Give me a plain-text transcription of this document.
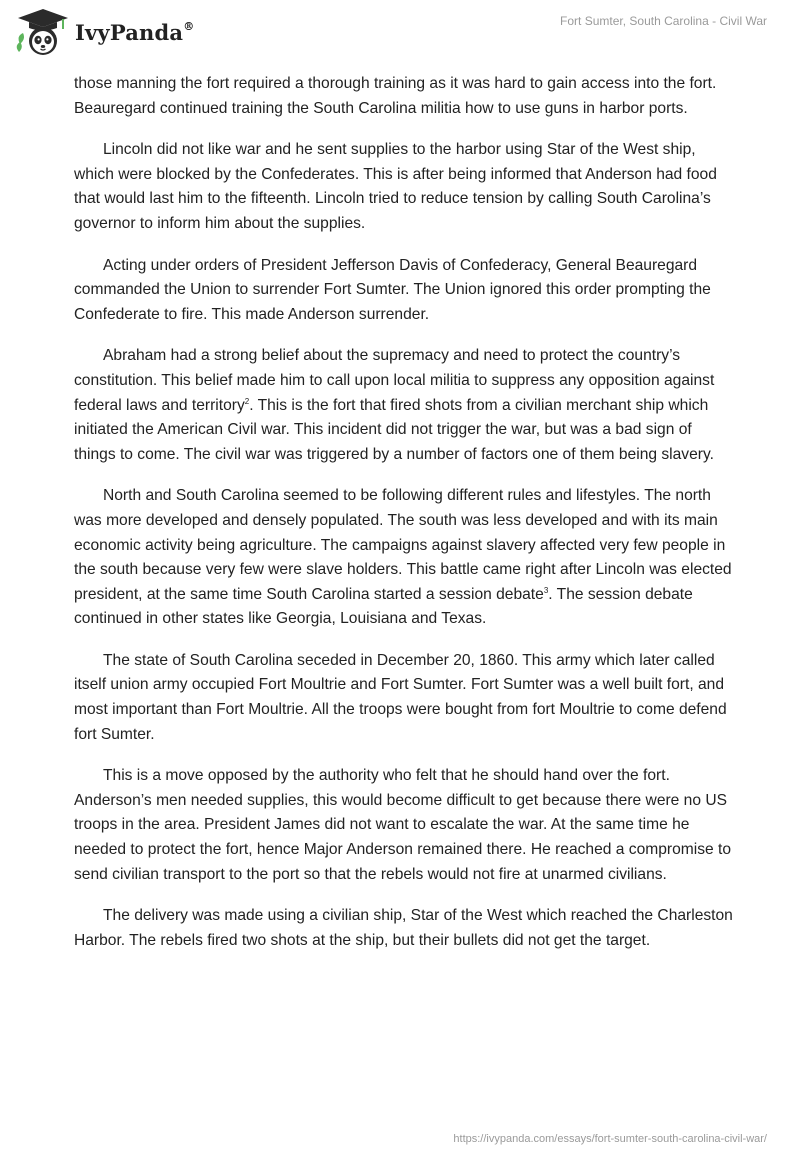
IvyPanda®	Fort Sumter, South Carolina - Civil War

those manning the fort required a thorough training as it was hard to gain access into the fort. Beauregard continued training the South Carolina militia how to use guns in harbor ports.

Lincoln did not like war and he sent supplies to the harbor using Star of the West ship, which were blocked by the Confederates. This is after being informed that Anderson had food that would last him to the fifteenth. Lincoln tried to reduce tension by calling South Carolina’s governor to inform him about the supplies.

Acting under orders of President Jefferson Davis of Confederacy, General Beauregard commanded the Union to surrender Fort Sumter. The Union ignored this order prompting the Confederate to fire. This made Anderson surrender.

Abraham had a strong belief about the supremacy and need to protect the country’s constitution. This belief made him to call upon local militia to suppress any opposition against federal laws and territory$^2$. This is the fort that fired shots from a civilian merchant ship which initiated the American Civil war. This incident did not trigger the war, but was a bad sign of things to come. The civil war was triggered by a number of factors one of them being slavery.

North and South Carolina seemed to be following different rules and lifestyles. The north was more developed and densely populated. The south was less developed and with its main economic activity being agriculture. The campaigns against slavery affected very few people in the south because very few were slave holders. This battle came right after Lincoln was elected president, at the same time South Carolina started a session debate$^3$. The session debate continued in other states like Georgia, Louisiana and Texas.

The state of South Carolina seceded in December 20, 1860. This army which later called itself union army occupied Fort Moultrie and Fort Sumter. Fort Sumter was a well built fort, and most important than Fort Moultrie. All the troops were bought from fort Moultrie to come defend fort Sumter.

This is a move opposed by the authority who felt that he should hand over the fort. Anderson’s men needed supplies, this would become difficult to get because there were no US troops in the area. President James did not want to escalate the war. At the same time he needed to protect the fort, hence Major Anderson remained there. He reached a compromise to send civilian transport to the port so that the rebels would not fire at unarmed civilians.

The delivery was made using a civilian ship, Star of the West which reached the Charleston Harbor. The rebels fired two shots at the ship, but their bullets did not get the target.

https://ivypanda.com/essays/fort-sumter-south-carolina-civil-war/
